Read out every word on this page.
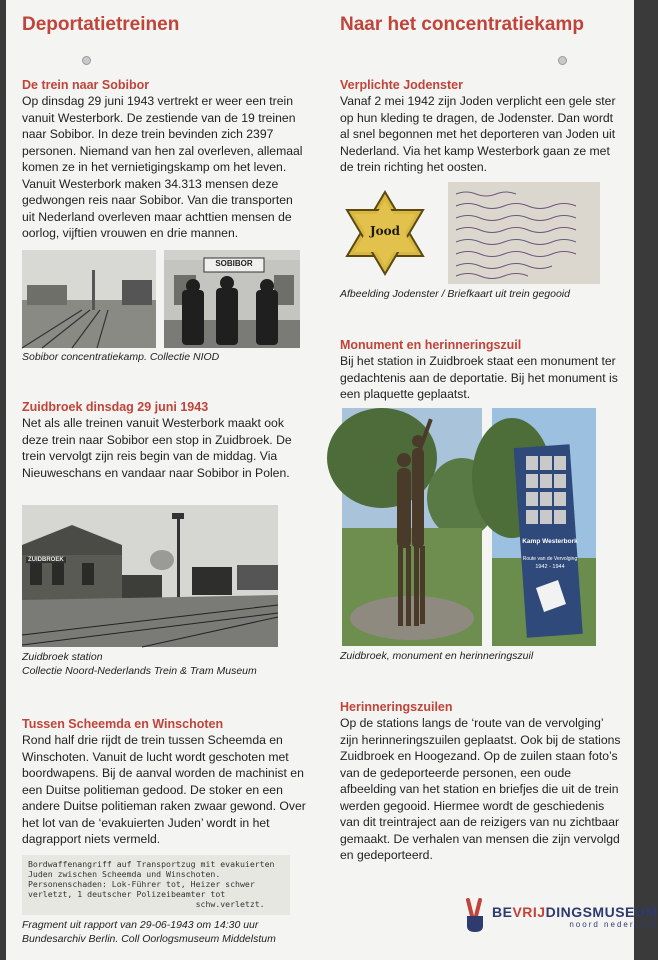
Deportatietreinen
De trein naar Sobibor

Op dinsdag 29 juni 1943 vertrekt er weer een trein vanuit Westerbork. De zestiende van de 19 treinen naar Sobibor. In deze trein bevinden zich 2397 personen. Niemand van hen zal overleven, allemaal komen ze in het vernietigingskamp om het leven. Vanuit Westerbork maken 34.313 mensen deze gedwongen reis naar Sobibor. Van die transporten uit Nederland overleven maar achttien mensen de oorlog, vijftien vrouwen en drie mannen.

SOBIBOR

Sobibor concentratiekamp. Collectie NIOD

Zuidbroek dinsdag 29 juni 1943

Net als alle treinen vanuit Westerbork maakt ook deze trein naar Sobibor een stop in Zuidbroek. De trein vervolgt zijn reis begin van de middag. Via Nieuweschans en vandaar naar Sobibor in Polen.

ZUIDBROEK

Zuidbroek station

Collectie Noord-Nederlands Trein & Tram Museum

Tussen Scheemda en Winschoten

Rond half drie rijdt de trein tussen Scheemda en Winschoten. Vanuit de lucht wordt geschoten met boordwapens. Bij de aanval worden de machinist en een Duitse politieman gedood. De stoker en een andere Duitse politieman raken zwaar gewond. Over het lot van de ‘evakuierten Juden’ wordt in het dagrapport niets vermeld.

Bordwaffenangriff auf Transportzug mit evakuierten
Juden zwischen Scheemda und Winschoten.
Personenschaden: Lok-Führer tot, Heizer schwer
verletzt, 1 deutscher Polizeibeamter tot
schw.verletzt.

Fragment uit rapport van 29-06-1943 om 14:30 uur

Bundesarchiv Berlin. Coll Oorlogsmuseum Middelstum

Naar het concentratiekamp
Verplichte Jodenster

Vanaf 2 mei 1942 zijn Joden verplicht een gele ster op hun kleding te dragen, de Jodenster. Dan wordt al snel begonnen met het deporteren van Joden uit Nederland. Via het kamp Westerbork gaan ze met de trein richting het oosten.

Jood

Afbeelding Jodenster / Briefkaart uit trein gegooid

Monument en herinneringszuil

Bij het station in Zuidbroek staat een monument ter gedachtenis aan de deportatie. Bij het monument is een plaquette geplaatst.

Kamp Westerbork
Route van de Vervolging
1942 - 1944

Zuidbroek, monument en herinneringszuil

Herinneringszuilen

Op de stations langs de ‘route van de vervolging’ zijn herinneringszuilen geplaatst. Ook bij de stations Zuidbroek en Hoogezand. Op de zuilen staan foto’s van de gedeporteerde personen, een oude afbeelding van het station en briefjes die uit de trein werden gegooid. Hiermee wordt de geschiedenis van dit treintraject aan de reizigers van nu zichtbaar gemaakt. De verhalen van mensen die zijn vervolgd en gedeporteerd.

BEVRIJDINGSMUSEUM
noord nederland
